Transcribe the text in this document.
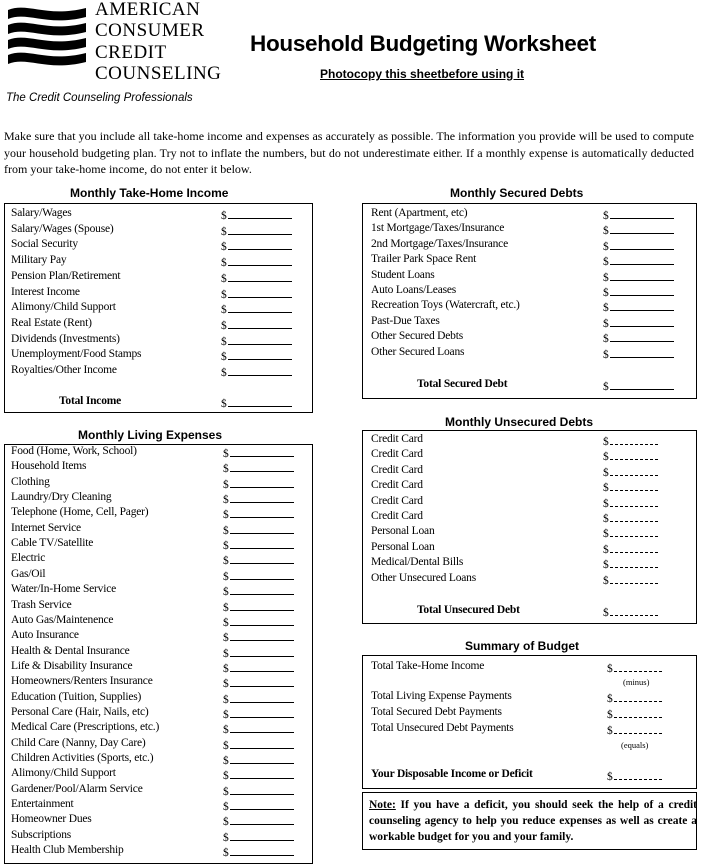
AMERICAN
CONSUMER
CREDIT
COUNSELING
The Credit Counseling Professionals
Household Budgeting Worksheet
Photocopy this sheetbefore using it
Make sure that you include all take-home income and expenses as accurately as possible. The information you provide will be used to compute your household budgeting plan. Try not to inflate the numbers, but do not underestimate either. If a monthly expense is automatically deducted from your take-home income, do not enter it below.
Monthly Take-Home Income
Salary/Wages	$
Salary/Wages (Spouse)	$
Social Security	$
Military Pay	$
Pension Plan/Retirement	$
Interest Income	$
Alimony/Child Support	$
Real Estate (Rent)	$
Dividends (Investments)	$
Unemployment/Food Stamps	$
Royalties/Other Income	$
Total Income	$
Monthly Living Expenses
Food (Home, Work, School)	$
Household Items	$
Clothing	$
Laundry/Dry Cleaning	$
Telephone (Home, Cell, Pager)	$
Internet Service	$
Cable TV/Satellite	$
Electric	$
Gas/Oil	$
Water/In-Home Service	$
Trash Service	$
Auto Gas/Maintenence	$
Auto Insurance	$
Health & Dental Insurance	$
Life & Disability Insurance	$
Homeowners/Renters Insurance	$
Education (Tuition, Supplies)	$
Personal Care (Hair, Nails, etc)	$
Medical Care (Prescriptions, etc.)	$
Child Care (Nanny, Day Care)	$
Children Activities (Sports, etc.)	$
Alimony/Child Support	$
Gardener/Pool/Alarm Service	$
Entertainment	$
Homeowner Dues	$
Subscriptions	$
Health Club Membership	$
Monthly Secured Debts
Rent (Apartment, etc)	$
1st Mortgage/Taxes/Insurance	$
2nd Mortgage/Taxes/Insurance	$
Trailer Park Space Rent	$
Student Loans	$
Auto Loans/Leases	$
Recreation Toys (Watercraft, etc.)	$
Past-Due Taxes	$
Other Secured Debts	$
Other Secured Loans	$
Total Secured Debt	$
Monthly Unsecured Debts
Credit Card	$
Credit Card	$
Credit Card	$
Credit Card	$
Credit Card	$
Credit Card	$
Personal Loan	$
Personal Loan	$
Medical/Dental Bills	$
Other Unsecured Loans	$
Total Unsecured Debt	$
Summary of Budget
Total Take-Home Income	$
(minus)
Total Living Expense Payments	$
Total Secured Debt Payments	$
Total Unsecured Debt Payments	$
(equals)
Your Disposable Income or Deficit	$
Note: If you have a deficit, you should seek the help of a credit counseling agency to help you reduce expenses as well as create a workable budget for you and your family.
